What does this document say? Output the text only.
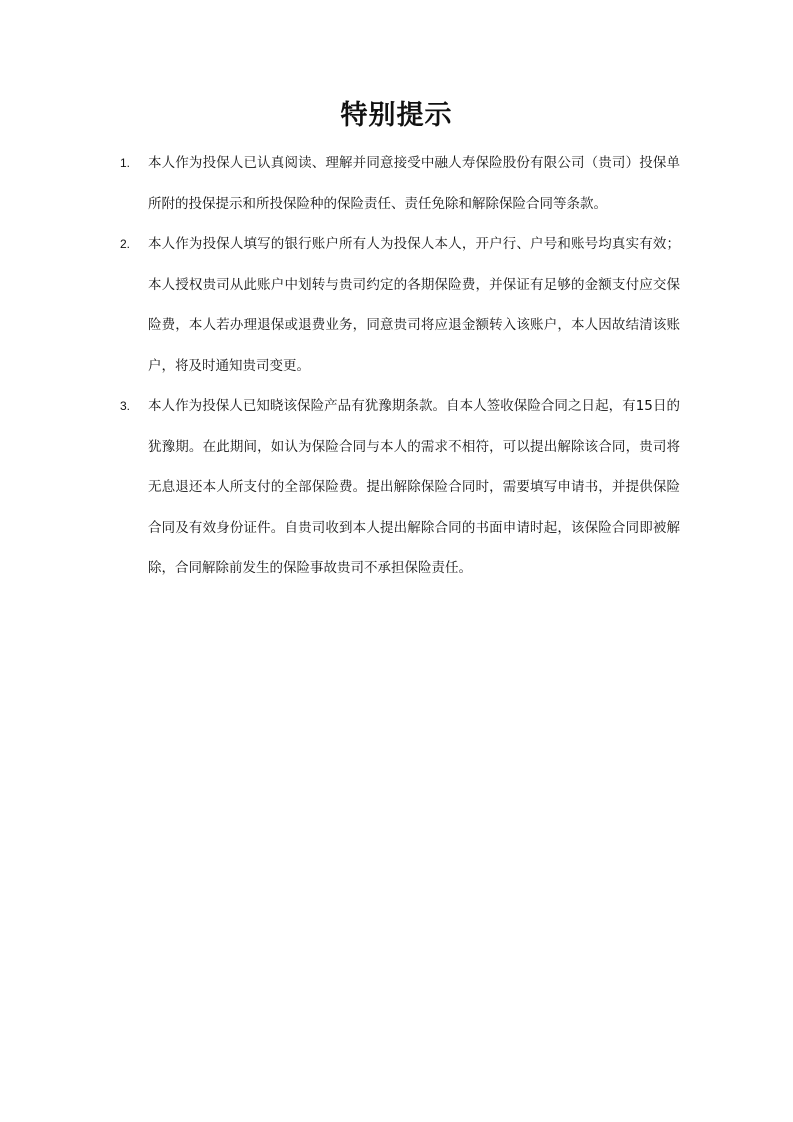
特别提示
1. 本人作为投保人已认真阅读、理解并同意接受中融人寿保险股份有限公司（贵司）投保单所附的投保提示和所投保险种的保险责任、责任免除和解除保险合同等条款。
2. 本人作为投保人填写的银行账户所有人为投保人本人，开户行、户号和账号均真实有效；本人授权贵司从此账户中划转与贵司约定的各期保险费，并保证有足够的金额支付应交保险费，本人若办理退保或退费业务，同意贵司将应退金额转入该账户，本人因故结清该账户，将及时通知贵司变更。
3. 本人作为投保人已知晓该保险产品有犹豫期条款。自本人签收保险合同之日起，有15日的犹豫期。在此期间，如认为保险合同与本人的需求不相符，可以提出解除该合同，贵司将无息退还本人所支付的全部保险费。提出解除保险合同时，需要填写申请书，并提供保险合同及有效身份证件。自贵司收到本人提出解除合同的书面申请时起，该保险合同即被解除，合同解除前发生的保险事故贵司不承担保险责任。
